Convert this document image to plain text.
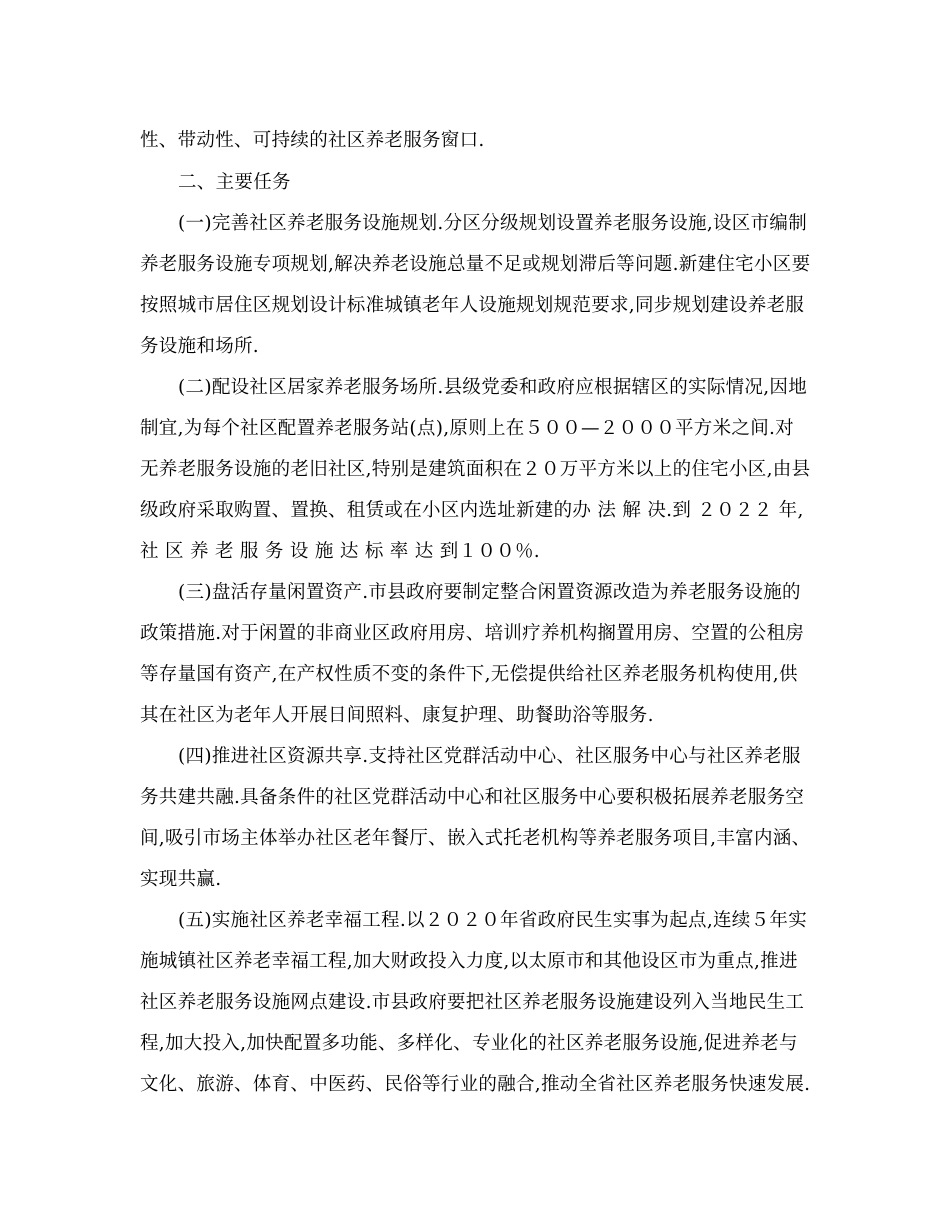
性、带动性、可持续的社区养老服务窗口.
二、主要任务
(一)完善社区养老服务设施规划.分区分级规划设置养老服务设施,设区市编制
养老服务设施专项规划,解决养老设施总量不足或规划滞后等问题.新建住宅小区要
按照城市居住区规划设计标准城镇老年人设施规划规范要求,同步规划建设养老服
务设施和场所.
(二)配设社区居家养老服务场所.县级党委和政府应根据辖区的实际情况,因地
制宜,为每个社区配置养老服务站(点),原则上在５００—２０００平方米之间.对
无养老服务设施的老旧社区,特别是建筑面积在２０万平方米以上的住宅小区,由县
级政府采取购置、置换、租赁或在小区内选址新建的办 法 解 决.到 ２０２２ 年,
社 区 养 老 服 务 设 施 达 标 率 达 到１００％.
(三)盘活存量闲置资产.市县政府要制定整合闲置资源改造为养老服务设施的
政策措施.对于闲置的非商业区政府用房、培训疗养机构搁置用房、空置的公租房
等存量国有资产,在产权性质不变的条件下,无偿提供给社区养老服务机构使用,供
其在社区为老年人开展日间照料、康复护理、助餐助浴等服务.
(四)推进社区资源共享.支持社区党群活动中心、社区服务中心与社区养老服
务共建共融.具备条件的社区党群活动中心和社区服务中心要积极拓展养老服务空
间,吸引市场主体举办社区老年餐厅、嵌入式托老机构等养老服务项目,丰富内涵、
实现共赢.
(五)实施社区养老幸福工程.以２０２０年省政府民生实事为起点,连续５年实
施城镇社区养老幸福工程,加大财政投入力度,以太原市和其他设区市为重点,推进
社区养老服务设施网点建设.市县政府要把社区养老服务设施建设列入当地民生工
程,加大投入,加快配置多功能、多样化、专业化的社区养老服务设施,促进养老与
文化、旅游、体育、中医药、民俗等行业的融合,推动全省社区养老服务快速发展.
